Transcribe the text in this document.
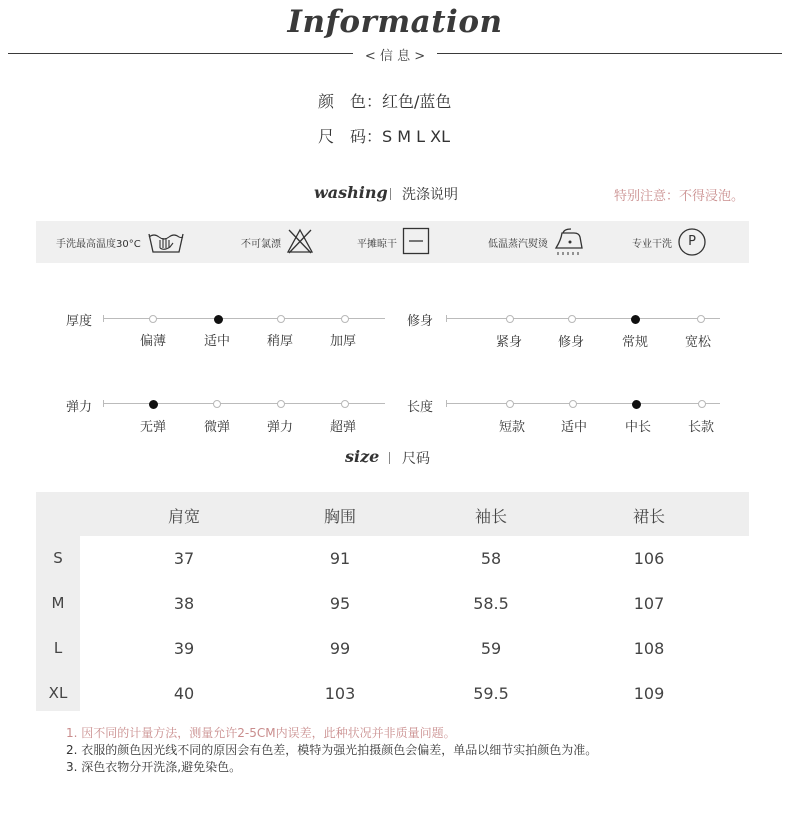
Information
< 信 息 >
颜　色：红色/蓝色
尺　码：S M L XL
washing 洗涤说明	特别注意：不得浸泡。
手洗最高温度30°C	不可氯漂	平摊晾干	低温蒸汽熨烫	专业干洗	P
厚度
偏薄	适中	稍厚	加厚
修身
紧身	修身	常规	宽松
弹力
无弹	微弹	弹力	超弹
长度
短款	适中	中长	长款
size 尺码
肩宽	胸围	袖长	裙长
S	37	91	58	106
M	38	95	58.5	107
L	39	99	59	108
XL	40	103	59.5	109
1. 因不同的计量方法，测量允许2-5CM内误差，此种状况并非质量问题。
2. 衣服的颜色因光线不同的原因会有色差，模特为强光拍摄颜色会偏差，单品以细节实拍颜色为准。
3. 深色衣物分开洗涤,避免染色。
